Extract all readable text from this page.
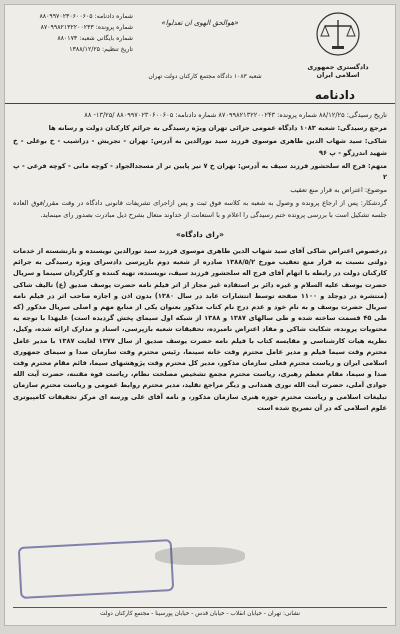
دادگستری جمهوری اسلامی ایران
«هوالحق الهوی ان تعدلوا»
شعبه ۱۰۸۳ دادگاه مجتمع کارکنان دولت تهران
دادنامه
شماره دادنامه: ۸۸۰۹۹۷۰۲۳۰۶۰۰۶۰۵
شماره پرونده: ۸۷۰۹۹۸۲۱۳۲۲۰۰۲۴۳
شماره بایگانی شعبه: ۸۸۰۱۷۳
تاریخ تنظیم: ۱۳۸۸/۱۲/۲۵

تاریخ رسیدگی: ۸۸/۱۲/۲۵ شماره پرونده: ۸۷۰۹۹۸۲۱۳۲۲۰۰۲۴۳ شماره دادنامه: ۸۸۰۹۹۷۰۲۳۰۶۰۰۶۰۵ /۱۳/۲۵- ۸۸

مرجع رسیدگی: شعبه ۱۰۸۳ دادگاه عمومی جزائی تهران ویژه رسیدگی به جرائم کارکنان دولت و رسانه ها

شاکی: سید شهاب الدین طاهری موسوی فرزند سید نورالدین به آدرس: تهران - تجریش - دزاشیب - خ بوعلی - خ شهید اندرزگو - پ ۹۶

متهم: فرج اله سلحشور فرزند سیف به آدرس: تهران خ ۷ تیر پایین تر از مسجدالجواد - کوچه مانی - کوچه فرعی - پ ۲

موضوع: اعتراض به قرار منع تعقیب

گردشکار: پس از ارجاع پرونده و وصول به شعبه به کلاسه فوق ثبت و پس ازاجرای تشریفات قانونی دادگاه در وقت مقرر/فوق العاده جلسه تشکیل است با بررسی پرونده ختم رسیدگی را اعلام و با استعانت از خداوند متعال بشرح ذیل مبادرت بصدور رای مینماید.

«رای دادگاه»

درخصوص اعتراض شاکی آقای سید شهاب الدین طاهری موسوی فرزند سید نورالدین نویسنده و بازنشسته از خدمات دولتی نسبت به قرار منع تعقیب مورخ ۱۳۸۸/۵/۲ صادره از شعبه دوم بازپرسی دادسرای ویژه رسیدگی به جرائم کارکنان دولت در رابطه با اتهام آقای فرج اله سلحشور فرزند سیف، نویسنده، تهیه کننده و کارگردان سینما و سریال حضرت یوسف علیه السلام و غیره دائر بر استفاده غیر مجاز از اثر فیلم نامه حضرت یوسف صدیق (ع) تالیف شاکی (منتشره در دوجلد و ۱۱۰۰ صفحه توسط انتشارات عابد در سال ۱۳۸۰) بدون اذن و اجازه صاحب اثر در فیلم نامه سریال حضرت یوسف و به نام خود و عدم درج نام کتاب مذکور بعنوان یکی از منابع مهم و اصلی سریال مذکور (که طی ۴۵ قسمت ساخته شده و طی سالهای ۱۳۸۷ و ۱۳۸۸ از شبکه اول سیمای پخش گردیده است) علیهذا با توجه به محتویات پرونده، شکایت شاکی و مفاد اعتراض نامبرده، تحقیقات شعبه بازپرسی، اسناد و مدارک ارائه شده، وکیل، نظریه هیات کارشناسی و مقایسه کتاب با فیلم نامه حضرت یوسف صدیق از سال ۱۳۷۷ لغایت ۱۳۸۷ با مدیر عامل محترم وقت سیما فیلم و مدیر عامل محترم وقت خانه سینما، رئیس محترم وقت سازمان صدا و سیمای جمهوری اسلامی ایران و ریاست محترم فعلی سازمان مذکور، مدیر کل محترم وقت پژوهشهای سیما، قائم مقام محترم وقت صدا و سیما، مقام معظم رهبری، ریاست محترم مجمع تشخیص مصلحت نظام، ریاست قوه مقننه، حضرت آیت الله جوادی آملی، حضرت آیت الله نوری همدانی و دیگر مراجع تقلید، مدیر محترم روابط عمومی و ریاست محترم سازمان تبلیغات اسلامی و ریاست محترم حوزه هنری سازمان مذکور، و نامه آقای علی ورسه ای مرکز تحقیقات کامپیوتری علوم اسلامی که در آن تصریح شده است

نشانی: تهران - خیابان انقلاب - خیابان قدس - خیابان پورسینا - مجتمع کارکنان دولت
